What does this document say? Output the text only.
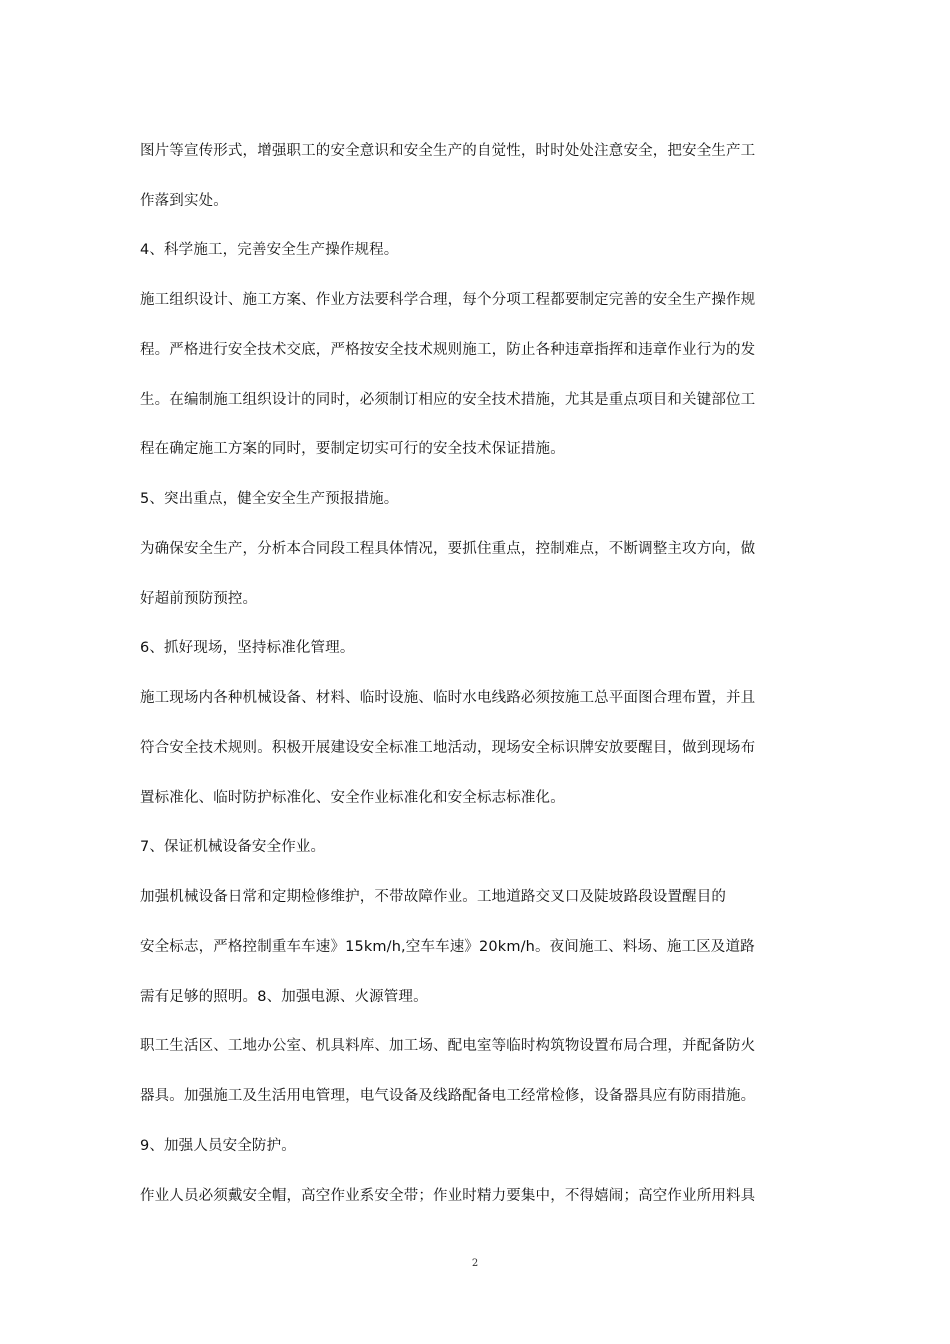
图片等宣传形式，增强职工的安全意识和安全生产的自觉性，时时处处注意安全，把安全生产工
作落到实处。
4、科学施工，完善安全生产操作规程。
施工组织设计、施工方案、作业方法要科学合理，每个分项工程都要制定完善的安全生产操作规
程。严格进行安全技术交底，严格按安全技术规则施工，防止各种违章指挥和违章作业行为的发
生。在编制施工组织设计的同时，必须制订相应的安全技术措施，尤其是重点项目和关键部位工
程在确定施工方案的同时，要制定切实可行的安全技术保证措施。
5、突出重点，健全安全生产预报措施。
为确保安全生产，分析本合同段工程具体情况，要抓住重点，控制难点，不断调整主攻方向，做
好超前预防预控。
6、抓好现场，坚持标准化管理。
施工现场内各种机械设备、材料、临时设施、临时水电线路必须按施工总平面图合理布置，并且
符合安全技术规则。积极开展建设安全标准工地活动，现场安全标识牌安放要醒目，做到现场布
置标准化、临时防护标准化、安全作业标准化和安全标志标准化。
7、保证机械设备安全作业。
加强机械设备日常和定期检修维护，不带故障作业。工地道路交叉口及陡坡路段设置醒目的
安全标志，严格控制重车车速》15km/h,空车车速》20km/h。夜间施工、料场、施工区及道路
需有足够的照明。8、加强电源、火源管理。
职工生活区、工地办公室、机具料库、加工场、配电室等临时构筑物设置布局合理，并配备防火
器具。加强施工及生活用电管理，电气设备及线路配备电工经常检修，设备器具应有防雨措施。
9、加强人员安全防护。
作业人员必须戴安全帽，高空作业系安全带；作业时精力要集中，不得嬉闹；高空作业所用料具
2
